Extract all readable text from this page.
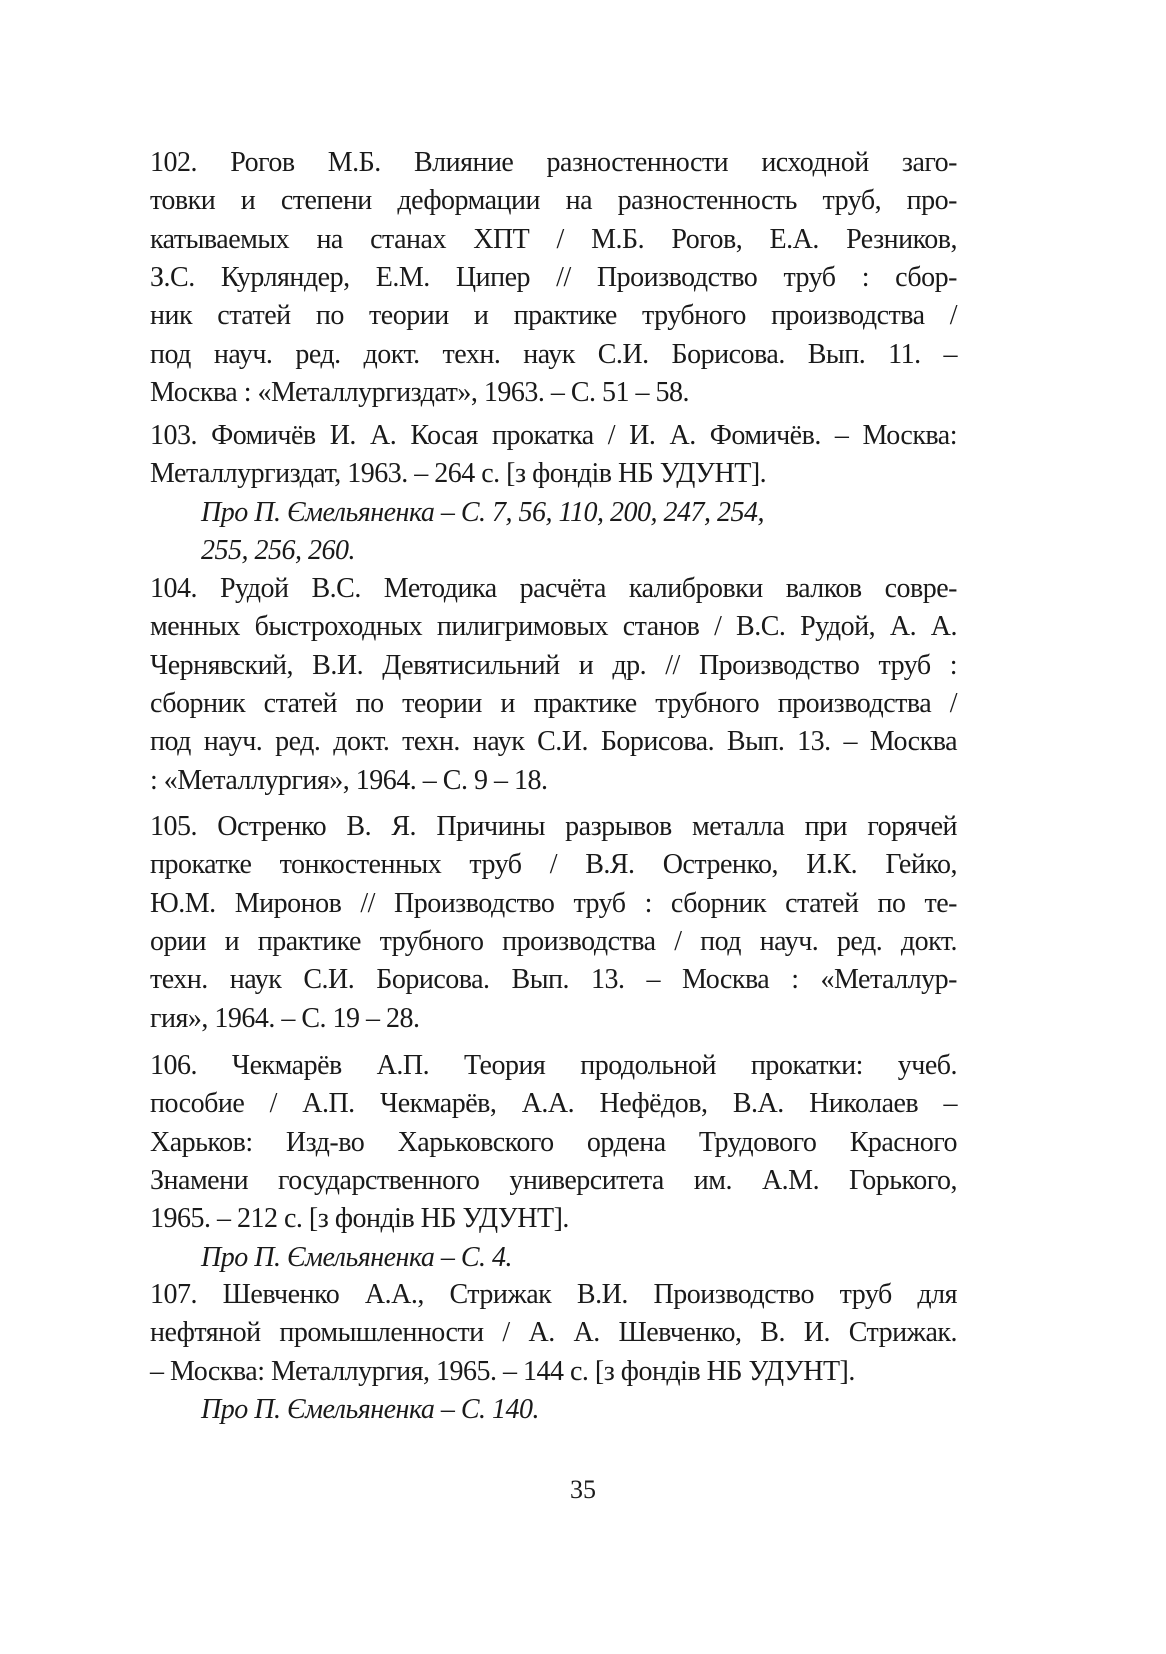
102. Рогов М.Б. Влияние разностенности исходной заго-
товки и степени деформации на разностенность труб, про-
катываемых на станах ХПТ / М.Б. Рогов, Е.А. Резников,
З.С. Курляндер, Е.М. Ципер // Производство труб : сбор-
ник статей по теории и практике трубного производства /
под науч. ред. докт. техн. наук С.И. Борисова. Вып. 11. –
Москва : «Металлургиздат», 1963. – С. 51 – 58.
103. Фомичёв И. А. Косая прокатка / И. А. Фомичёв. – Москва:
Металлургиздат, 1963. – 264 с. [з фондів НБ УДУНТ].
Про П. Ємельяненка – С. 7, 56, 110, 200, 247, 254,
255, 256, 260.
104. Рудой В.С. Методика расчёта калибровки валков совре-
менных быстроходных пилигримовых станов / В.С. Рудой, А. А.
Чернявский, В.И. Девятисильний и др. // Производство труб :
сборник статей по теории и практике трубного производства /
под науч. ред. докт. техн. наук С.И. Борисова. Вып. 13. – Москва
: «Металлургия», 1964. – С. 9 – 18.
105. Остренко В. Я. Причины разрывов металла при горячей
прокатке тонкостенных труб / В.Я. Остренко, И.К. Гейко,
Ю.М. Миронов // Производство труб : сборник статей по те-
ории и практике трубного производства / под науч. ред. докт.
техн. наук С.И. Борисова. Вып. 13. – Москва : «Металлур-
гия», 1964. – С. 19 – 28.
106. Чекмарёв А.П. Теория продольной прокатки: учеб.
пособие / А.П. Чекмарёв, А.А. Нефёдов, В.А. Николаев –
Харьков: Изд-во Харьковского ордена Трудового Красного
Знамени государственного университета им. А.М. Горького,
1965. – 212 с. [з фондів НБ УДУНТ].
Про П. Ємельяненка – С. 4.
107. Шевченко А.А., Стрижак В.И. Производство труб для
нефтяной промышленности / А. А. Шевченко, В. И. Стрижак.
– Москва: Металлургия, 1965. – 144 с. [з фондів НБ УДУНТ].
Про П. Ємельяненка – С. 140.
35
